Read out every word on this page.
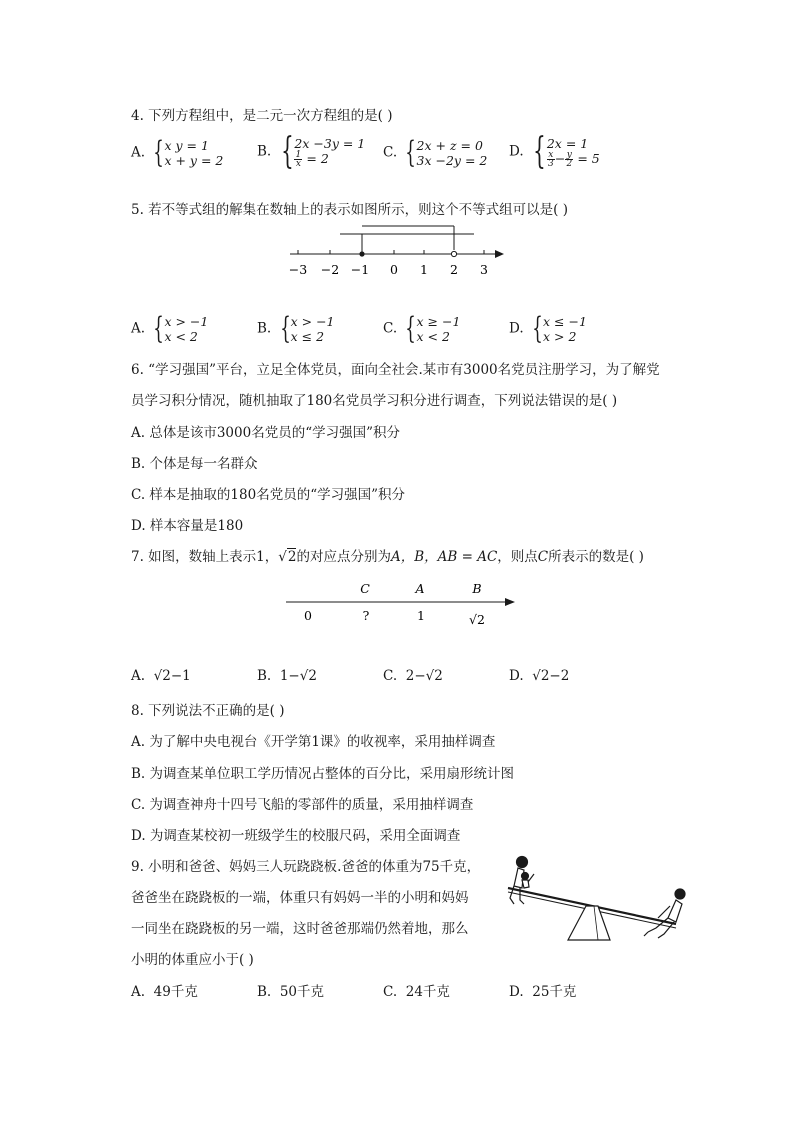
4. 下列方程组中，是二元一次方程组的是( )
A. { x y = 1
x + y = 2
B. { 2x −3y = 1
$\frac{1}{x} = 2$	C. { 2x + z = 0
3x −2y = 2
D. { 2x = 1
$\frac{x}{3} - \frac{y}{2} = 5$
5. 若不等式组的解集在数轴上的表示如图所示，则这个不等式组可以是( )
−3 −2 −1 0 1 2 3
A. { x > −1
x < 2	B. { x > −1
x ≤ 2	C. { x ≥ −1
x < 2	D. { x ≤ −1
x > 2
6. “学习强国”平台，立足全体党员，面向全社会.某市有3000名党员注册学习，为了解党
员学习积分情况，随机抽取了180名党员学习积分进行调查，下列说法错误的是( )
A. 总体是该市3000名党员的“学习强国”积分
B. 个体是每一名群众
C. 样本是抽取的180名党员的“学习强国”积分
D. 样本容量是180
7. 如图，数轴上表示1，√2的对应点分别为A，B，AB = AC，则点C所表示的数是( )
C	A	B
0	?	1	√2
A. √2−1	B. 1−√2	C. 2−√2	D. √2−2
8. 下列说法不正确的是( )
A. 为了解中央电视台《开学第1课》的收视率，采用抽样调查
B. 为调查某单位职工学历情况占整体的百分比，采用扇形统计图
C. 为调查神舟十四号飞船的零部件的质量，采用抽样调查
D. 为调查某校初一班级学生的校服尺码，采用全面调查
9. 小明和爸爸、妈妈三人玩跷跷板.爸爸的体重为75千克，
爸爸坐在跷跷板的一端，体重只有妈妈一半的小明和妈妈
一同坐在跷跷板的另一端，这时爸爸那端仍然着地，那么
小明的体重应小于( )
A. 49千克	B. 50千克	C. 24千克	D. 25千克
